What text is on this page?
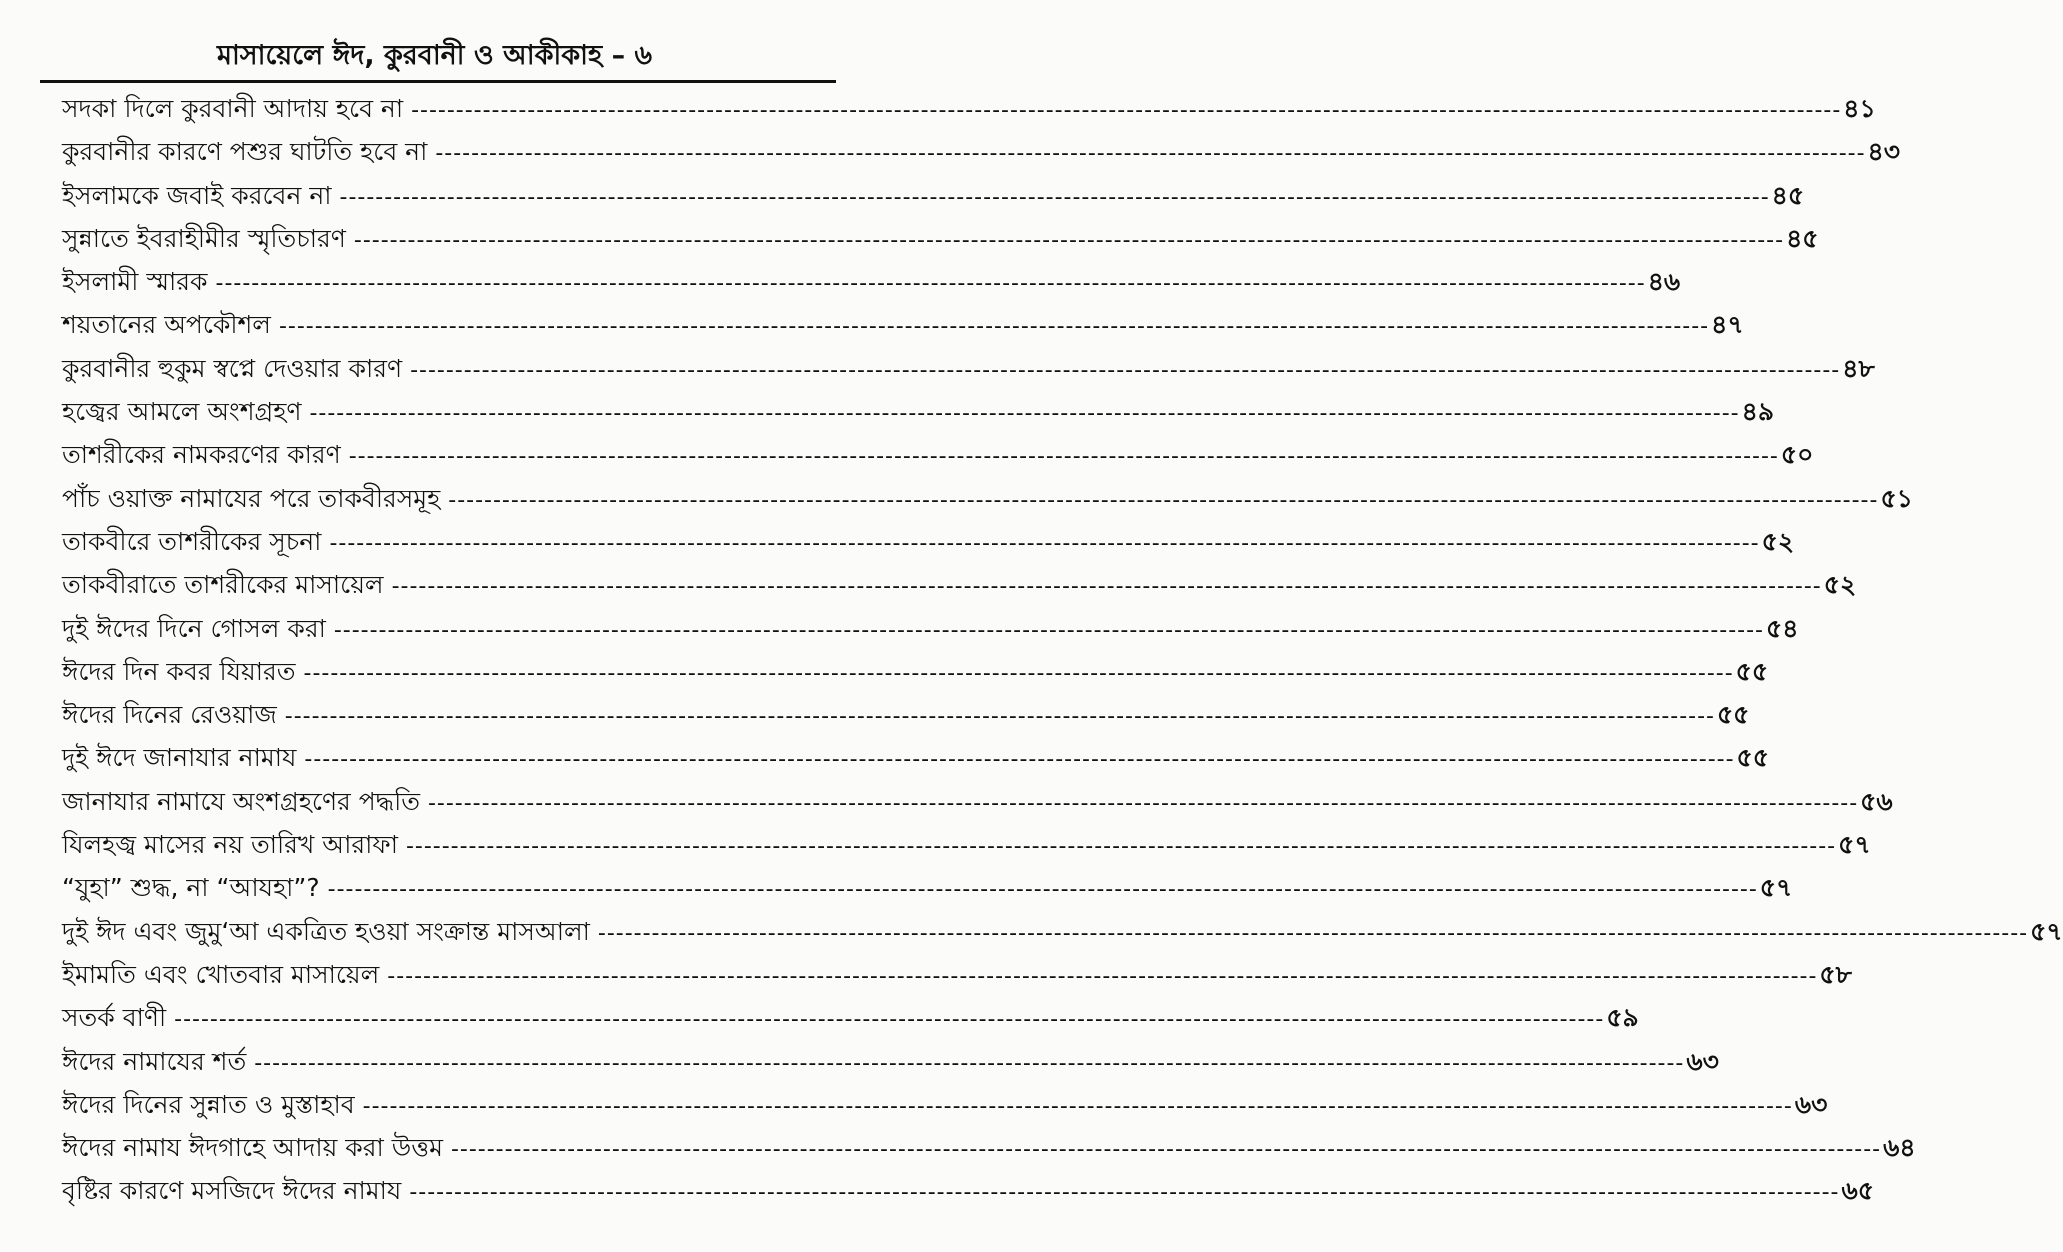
মাসায়েলে ঈদ, কুরবানী ও আকীকাহ – ৬
সদকা দিলে কুরবানী আদায় হবে না ---------------------------------------------------------------------------------------------------------------------------------------------------------------- ৪১
কুরবানীর কারণে পশুর ঘাটতি হবে না ---------------------------------------------------------------------------------------------------------------------------------------------------------------- ৪৩
ইসলামকে জবাই করবেন না ---------------------------------------------------------------------------------------------------------------------------------------------------------------- ৪৫
সুন্নাতে ইবরাহীমীর স্মৃতিচারণ ---------------------------------------------------------------------------------------------------------------------------------------------------------------- ৪৫
ইসলামী স্মারক ---------------------------------------------------------------------------------------------------------------------------------------------------------------- ৪৬
শয়তানের অপকৌশল ---------------------------------------------------------------------------------------------------------------------------------------------------------------- ৪৭
কুরবানীর হুকুম স্বপ্নে দেওয়ার কারণ ---------------------------------------------------------------------------------------------------------------------------------------------------------------- ৪৮
হজ্বের আমলে অংশগ্রহণ ---------------------------------------------------------------------------------------------------------------------------------------------------------------- ৪৯
তাশরীকের নামকরণের কারণ ---------------------------------------------------------------------------------------------------------------------------------------------------------------- ৫০
পাঁচ ওয়াক্ত নামাযের পরে তাকবীরসমূহ ---------------------------------------------------------------------------------------------------------------------------------------------------------------- ৫১
তাকবীরে তাশরীকের সূচনা ---------------------------------------------------------------------------------------------------------------------------------------------------------------- ৫২
তাকবীরাতে তাশরীকের মাসায়েল ---------------------------------------------------------------------------------------------------------------------------------------------------------------- ৫২
দুই ঈদের দিনে গোসল করা ---------------------------------------------------------------------------------------------------------------------------------------------------------------- ৫৪
ঈদের দিন কবর যিয়ারত ---------------------------------------------------------------------------------------------------------------------------------------------------------------- ৫৫
ঈদের দিনের রেওয়াজ ---------------------------------------------------------------------------------------------------------------------------------------------------------------- ৫৫
দুই ঈদে জানাযার নামায ---------------------------------------------------------------------------------------------------------------------------------------------------------------- ৫৫
জানাযার নামাযে অংশগ্রহণের পদ্ধতি ---------------------------------------------------------------------------------------------------------------------------------------------------------------- ৫৬
যিলহজ্ব মাসের নয় তারিখ আরাফা ---------------------------------------------------------------------------------------------------------------------------------------------------------------- ৫৭
“যুহা” শুদ্ধ, না “আযহা”? ---------------------------------------------------------------------------------------------------------------------------------------------------------------- ৫৭
দুই ঈদ এবং জুমু‘আ একত্রিত হওয়া সংক্রান্ত মাসআলা ---------------------------------------------------------------------------------------------------------------------------------------------------------------- ৫৭
ইমামতি এবং খোতবার মাসায়েল ---------------------------------------------------------------------------------------------------------------------------------------------------------------- ৫৮
সতর্ক বাণী ---------------------------------------------------------------------------------------------------------------------------------------------------------------- ৫৯
ঈদের নামাযের শর্ত ---------------------------------------------------------------------------------------------------------------------------------------------------------------- ৬৩
ঈদের দিনের সুন্নাত ও মুস্তাহাব ---------------------------------------------------------------------------------------------------------------------------------------------------------------- ৬৩
ঈদের নামায ঈদগাহে আদায় করা উত্তম ---------------------------------------------------------------------------------------------------------------------------------------------------------------- ৬৪
বৃষ্টির কারণে মসজিদে ঈদের নামায ---------------------------------------------------------------------------------------------------------------------------------------------------------------- ৬৫
